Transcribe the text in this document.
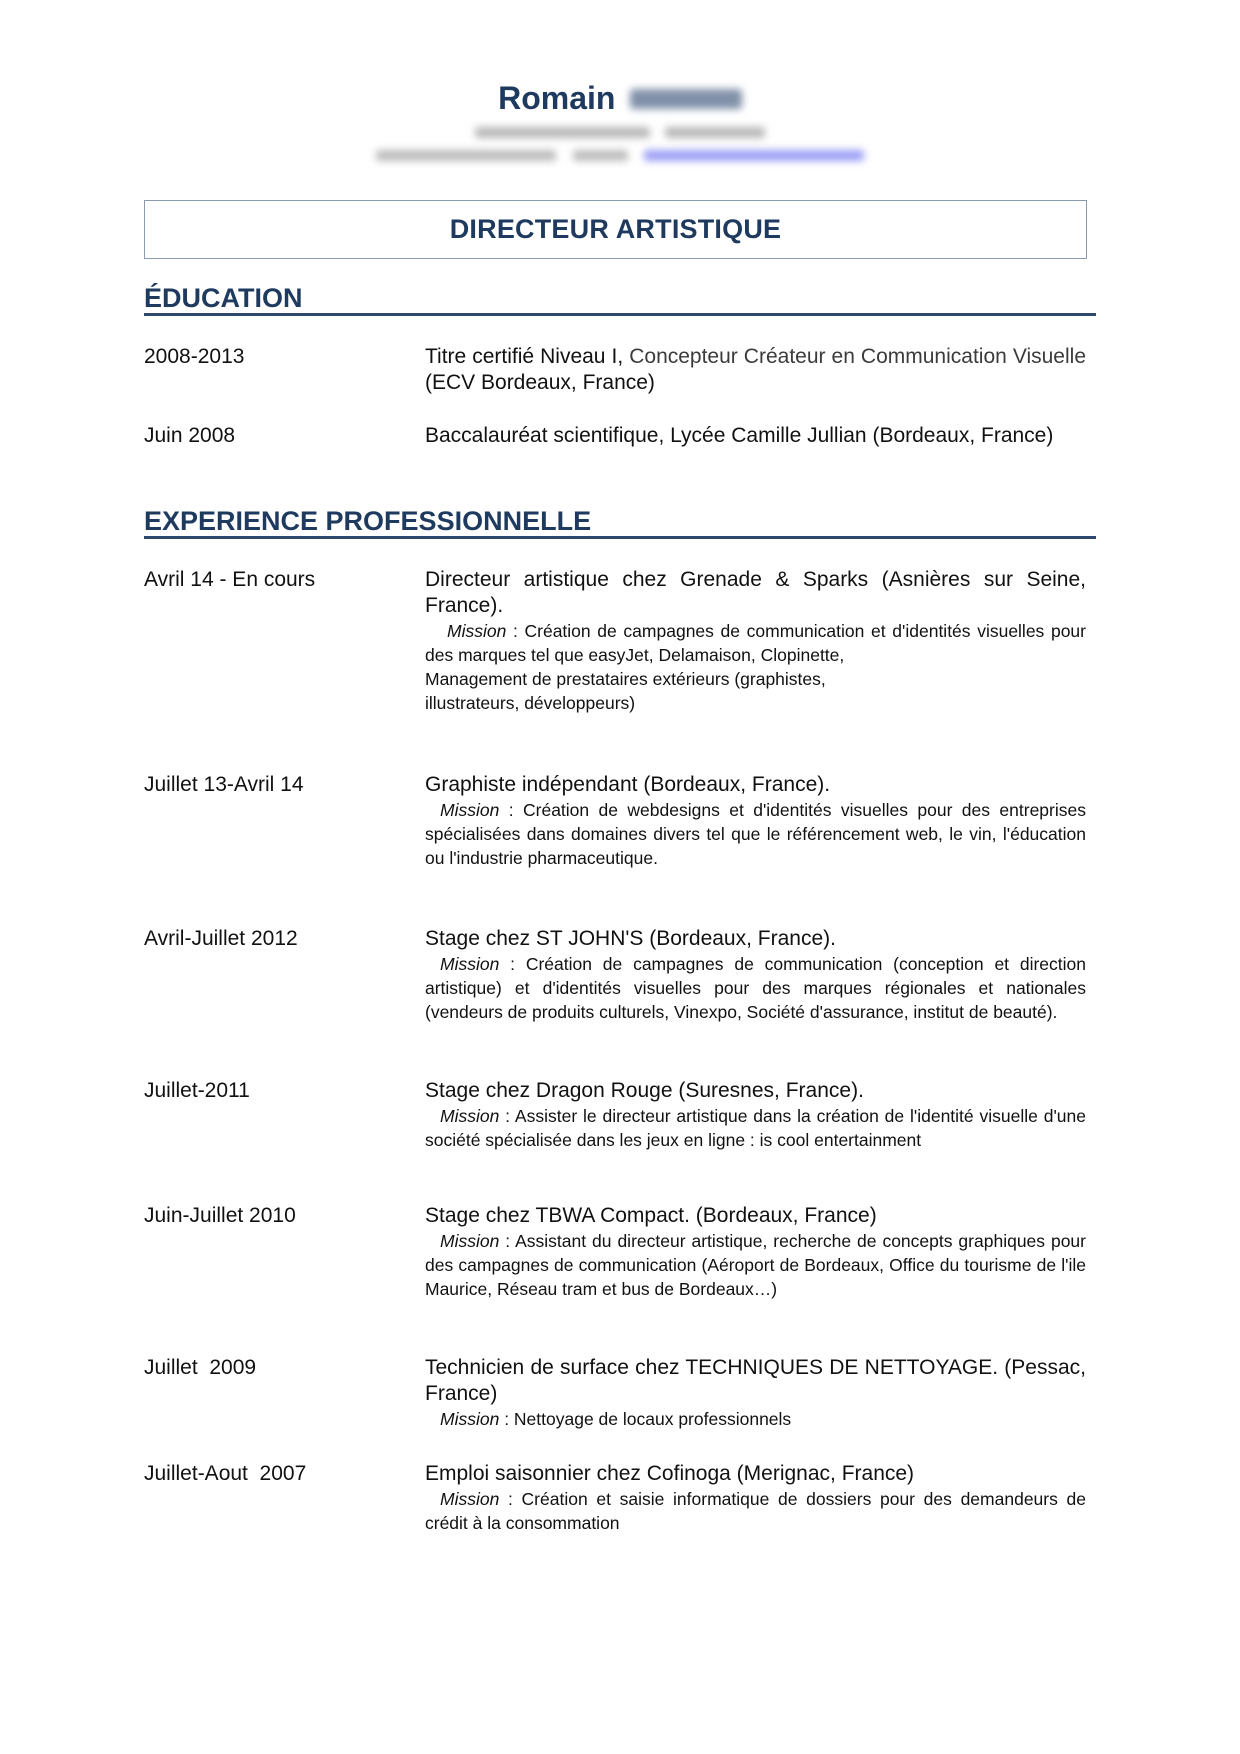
Romain

DIRECTEUR ARTISTIQUE
ÉDUCATION
2008-2013	Titre certifié Niveau I, Concepteur Créateur en Communication Visuelle (ECV Bordeaux, France)
Juin 2008	Baccalauréat scientifique, Lycée Camille Jullian (Bordeaux, France)
EXPERIENCE PROFESSIONNELLE
Avril 14 - En cours	Directeur artistique chez Grenade & Sparks (Asnières sur Seine, France).
Mission : Création de campagnes de communication et d'identités visuelles pour des marques tel que easyJet, Delamaison, Clopinette,
Management de prestataires extérieurs (graphistes,
illustrateurs, développeurs)
Juillet 13-Avril 14	Graphiste indépendant (Bordeaux, France).
Mission : Création de webdesigns et d'identités visuelles pour des entreprises spécialisées dans domaines divers tel que le référencement web, le vin, l'éducation ou l'industrie pharmaceutique.
Avril-Juillet 2012	Stage chez ST JOHN'S (Bordeaux, France).
Mission : Création de campagnes de communication (conception et direction artistique) et d'identités visuelles pour des marques régionales et nationales (vendeurs de produits culturels, Vinexpo, Société d'assurance, institut de beauté).
Juillet-2011	Stage chez Dragon Rouge (Suresnes, France).
Mission : Assister le directeur artistique dans la création de l'identité visuelle d'une société spécialisée dans les jeux en ligne : is cool entertainment
Juin-Juillet 2010	Stage chez TBWA Compact. (Bordeaux, France)
Mission : Assistant du directeur artistique, recherche de concepts graphiques pour des campagnes de communication (Aéroport de Bordeaux, Office du tourisme de l'ile Maurice, Réseau tram et bus de Bordeaux…)
Juillet  2009	Technicien de surface chez TECHNIQUES DE NETTOYAGE. (Pessac, France)
Mission : Nettoyage de locaux professionnels
Juillet-Aout  2007	Emploi saisonnier chez Cofinoga (Merignac, France)
Mission : Création et saisie informatique de dossiers pour des demandeurs de crédit à la consommation
